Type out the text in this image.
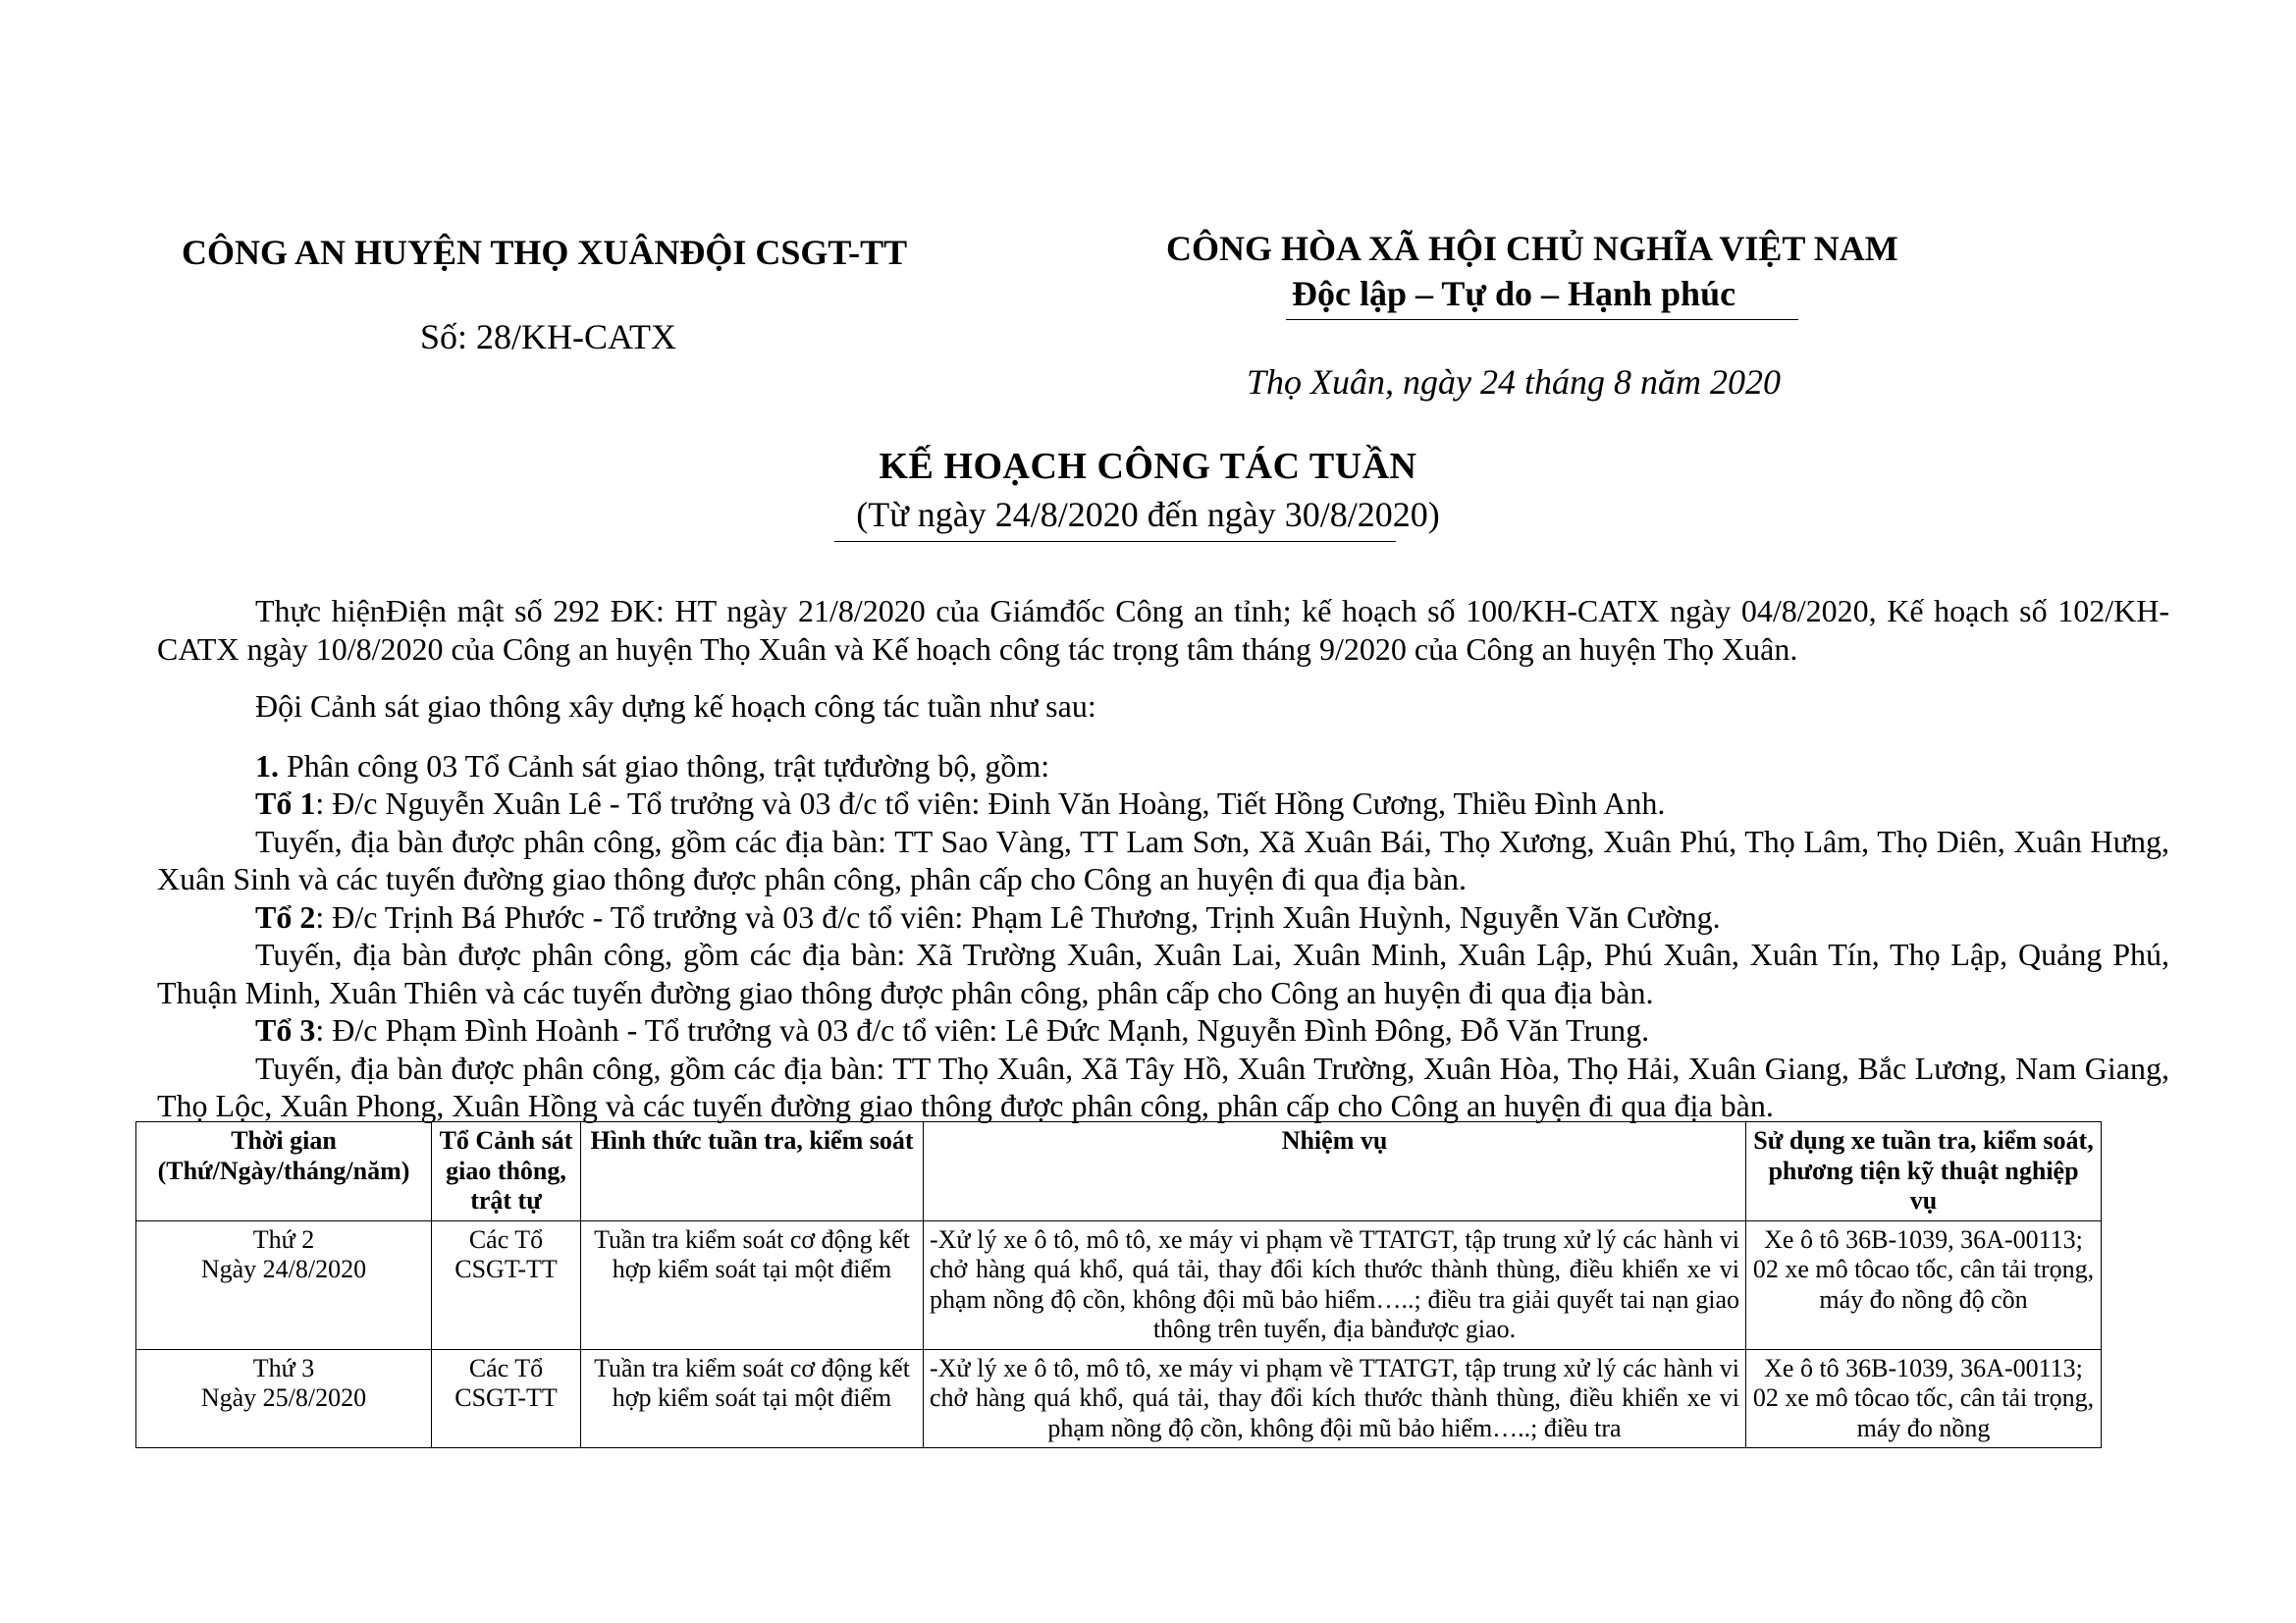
CÔNG AN HUYỆN THỌ XUÂNĐỘI CSGT-TT
Số: 28/KH-CATX
CÔNG HÒA XÃ HỘI CHỦ NGHĨA VIỆT NAM
Độc lập – Tự do – Hạnh phúc
Thọ Xuân, ngày 24 tháng 8 năm 2020
KẾ HOẠCH CÔNG TÁC TUẦN
(Từ ngày 24/8/2020 đến ngày 30/8/2020)

Thực hiệnĐiện mật số 292 ĐK: HT ngày 21/8/2020 của Giámđốc Công an tỉnh; kế hoạch số 100/KH-CATX ngày 04/8/2020, Kế hoạch số 102/KH-CATX ngày 10/8/2020 của Công an huyện Thọ Xuân và Kế hoạch công tác trọng tâm tháng 9/2020 của Công an huyện Thọ Xuân.

Đội Cảnh sát giao thông xây dựng kế hoạch công tác tuần như sau:

1. Phân công 03 Tổ Cảnh sát giao thông, trật tựđường bộ, gồm:

Tổ 1: Đ/c Nguyễn Xuân Lê - Tổ trưởng và 03 đ/c tổ viên: Đinh Văn Hoàng, Tiết Hồng Cương, Thiều Đình Anh.

Tuyến, địa bàn được phân công, gồm các địa bàn: TT Sao Vàng, TT Lam Sơn, Xã Xuân Bái, Thọ Xương, Xuân Phú, Thọ Lâm, Thọ Diên, Xuân Hưng, Xuân Sinh và các tuyến đường giao thông được phân công, phân cấp cho Công an huyện đi qua địa bàn.

Tổ 2: Đ/c Trịnh Bá Phước - Tổ trưởng và 03 đ/c tổ viên: Phạm Lê Thương, Trịnh Xuân Huỳnh, Nguyễn Văn Cường.

Tuyến, địa bàn được phân công, gồm các địa bàn: Xã Trường Xuân, Xuân Lai, Xuân Minh, Xuân Lập, Phú Xuân, Xuân Tín, Thọ Lập, Quảng Phú, Thuận Minh, Xuân Thiên và các tuyến đường giao thông được phân công, phân cấp cho Công an huyện đi qua địa bàn.

Tổ 3: Đ/c Phạm Đình Hoành - Tổ trưởng và 03 đ/c tổ viên: Lê Đức Mạnh, Nguyễn Đình Đông, Đỗ Văn Trung.

Tuyến, địa bàn được phân công, gồm các địa bàn: TT Thọ Xuân, Xã Tây Hồ, Xuân Trường, Xuân Hòa, Thọ Hải, Xuân Giang, Bắc Lương, Nam Giang, Thọ Lộc, Xuân Phong, Xuân Hồng và các tuyến đường giao thông được phân công, phân cấp cho Công an huyện đi qua địa bàn.

Thời gian (Thứ/Ngày/tháng/năm)	Tổ Cảnh sát giao thông, trật tự	Hình thức tuần tra, kiểm soát	Nhiệm vụ	Sử dụng xe tuần tra, kiểm soát, phương tiện kỹ thuật nghiệp vụ

Thứ 2
Ngày 24/8/2020	Các Tổ CSGT-TT	Tuần tra kiểm soát cơ động kết hợp kiểm soát tại một điểm	-Xử lý xe ô tô, mô tô, xe máy vi phạm về TTATGT, tập trung xử lý các hành vi chở hàng quá khổ, quá tải, thay đổi kích thước thành thùng, điều khiển xe vi phạm nồng độ cồn, không đội mũ bảo hiểm…..; điều tra giải quyết tai nạn giao thông trên tuyến, địa bànđược giao.	Xe ô tô 36B-1039, 36A-00113; 02 xe mô tôcao tốc, cân tải trọng, máy đo nồng độ cồn

Thứ 3
Ngày 25/8/2020	Các Tổ CSGT-TT	Tuần tra kiểm soát cơ động kết hợp kiểm soát tại một điểm	-Xử lý xe ô tô, mô tô, xe máy vi phạm về TTATGT, tập trung xử lý các hành vi chở hàng quá khổ, quá tải, thay đổi kích thước thành thùng, điều khiển xe vi phạm nồng độ cồn, không đội mũ bảo hiểm…..; điều tra	Xe ô tô 36B-1039, 36A-00113; 02 xe mô tôcao tốc, cân tải trọng, máy đo nồng
